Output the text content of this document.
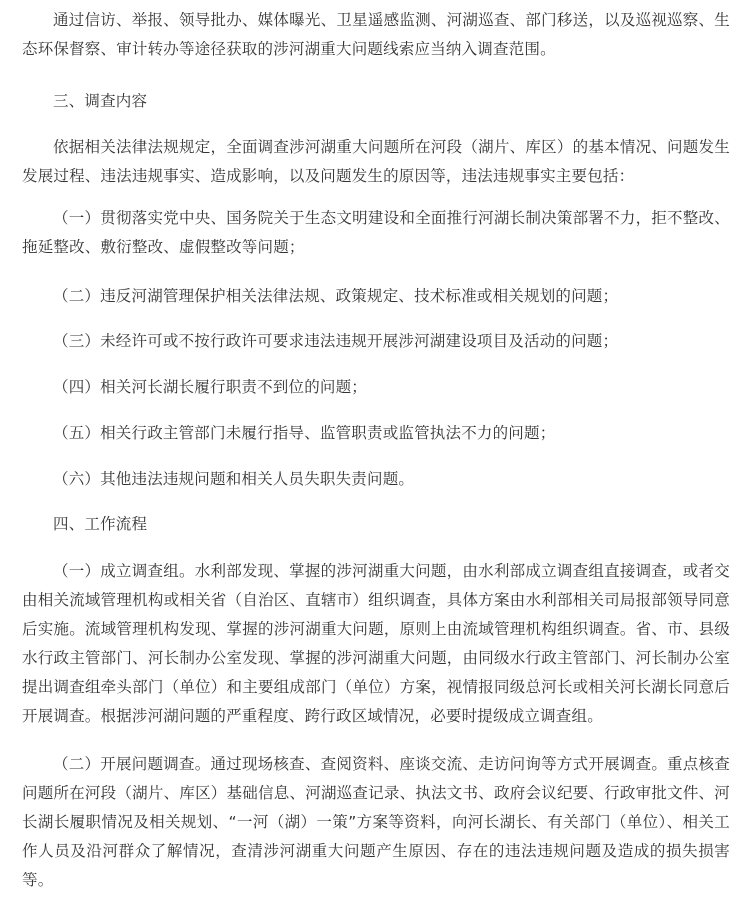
通过信访、举报、领导批办、媒体曝光、卫星遥感监测、河湖巡查、部门移送，以及巡视巡察、生态环保督察、审计转办等途径获取的涉河湖重大问题线索应当纳入调查范围。

三、调查内容

依据相关法律法规规定，全面调查涉河湖重大问题所在河段（湖片、库区）的基本情况、问题发生发展过程、违法违规事实、造成影响，以及问题发生的原因等，违法违规事实主要包括：

（一）贯彻落实党中央、国务院关于生态文明建设和全面推行河湖长制决策部署不力，拒不整改、拖延整改、敷衍整改、虚假整改等问题；

（二）违反河湖管理保护相关法律法规、政策规定、技术标准或相关规划的问题；

（三）未经许可或不按行政许可要求违法违规开展涉河湖建设项目及活动的问题；

（四）相关河长湖长履行职责不到位的问题；

（五）相关行政主管部门未履行指导、监管职责或监管执法不力的问题；

（六）其他违法违规问题和相关人员失职失责问题。

四、工作流程

（一）成立调查组。水利部发现、掌握的涉河湖重大问题，由水利部成立调查组直接调查，或者交由相关流域管理机构或相关省（自治区、直辖市）组织调查，具体方案由水利部相关司局报部领导同意后实施。流域管理机构发现、掌握的涉河湖重大问题，原则上由流域管理机构组织调查。省、市、县级水行政主管部门、河长制办公室发现、掌握的涉河湖重大问题，由同级水行政主管部门、河长制办公室提出调查组牵头部门（单位）和主要组成部门（单位）方案，视情报同级总河长或相关河长湖长同意后开展调查。根据涉河湖问题的严重程度、跨行政区域情况，必要时提级成立调查组。

（二）开展问题调查。通过现场核查、查阅资料、座谈交流、走访问询等方式开展调查。重点核查问题所在河段（湖片、库区）基础信息、河湖巡查记录、执法文书、政府会议纪要、行政审批文件、河长湖长履职情况及相关规划、“一河（湖）一策”方案等资料，向河长湖长、有关部门（单位）、相关工作人员及沿河群众了解情况，查清涉河湖重大问题产生原因、存在的违法违规问题及造成的损失损害等。
